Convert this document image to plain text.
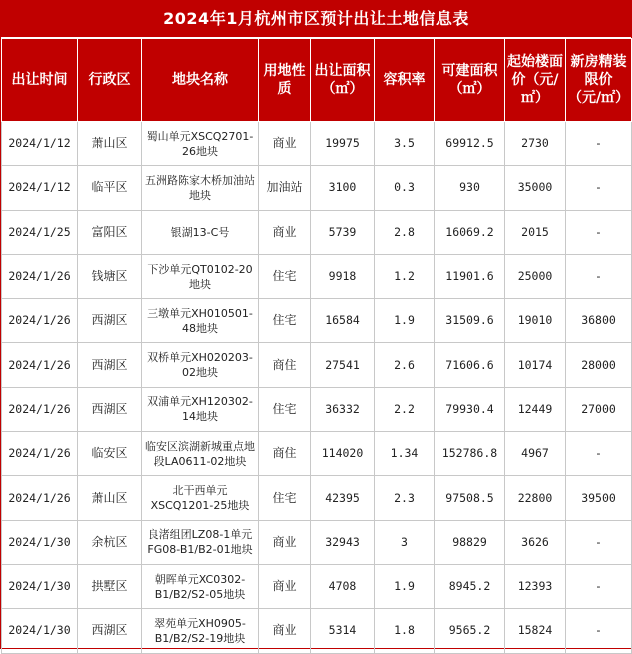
2024年1月杭州市区预计出让土地信息表
出让时间	行政区	地块名称	用地性质	出让面积（㎡）	容积率	可建面积（㎡）	起始楼面价（元/㎡）	新房精装限价（元/㎡）
2024/1/12	萧山区	蜀山单元XSCQ2701-26地块	商业	19975	3.5	69912.5	2730	-
2024/1/12	临平区	五洲路陈家木桥加油站地块	加油站	3100	0.3	930	35000	-
2024/1/25	富阳区	银湖13-C号	商业	5739	2.8	16069.2	2015	-
2024/1/26	钱塘区	下沙单元QT0102-20地块	住宅	9918	1.2	11901.6	25000	-
2024/1/26	西湖区	三墩单元XH010501-48地块	住宅	16584	1.9	31509.6	19010	36800
2024/1/26	西湖区	双桥单元XH020203-02地块	商住	27541	2.6	71606.6	10174	28000
2024/1/26	西湖区	双浦单元XH120302-14地块	住宅	36332	2.2	79930.4	12449	27000
2024/1/26	临安区	临安区滨湖新城重点地段LA0611-02地块	商住	114020	1.34	152786.8	4967	-
2024/1/26	萧山区	北干西单元XSCQ1201-25地块	住宅	42395	2.3	97508.5	22800	39500
2024/1/30	余杭区	良渚组团LZ08-1单元FG08-B1/B2-01地块	商业	32943	3	98829	3626	-
2024/1/30	拱墅区	朝晖单元XC0302-B1/B2/S2-05地块	商业	4708	1.9	8945.2	12393	-
2024/1/30	西湖区	翠苑单元XH0905-B1/B2/S2-19地块	商业	5314	1.8	9565.2	15824	-
